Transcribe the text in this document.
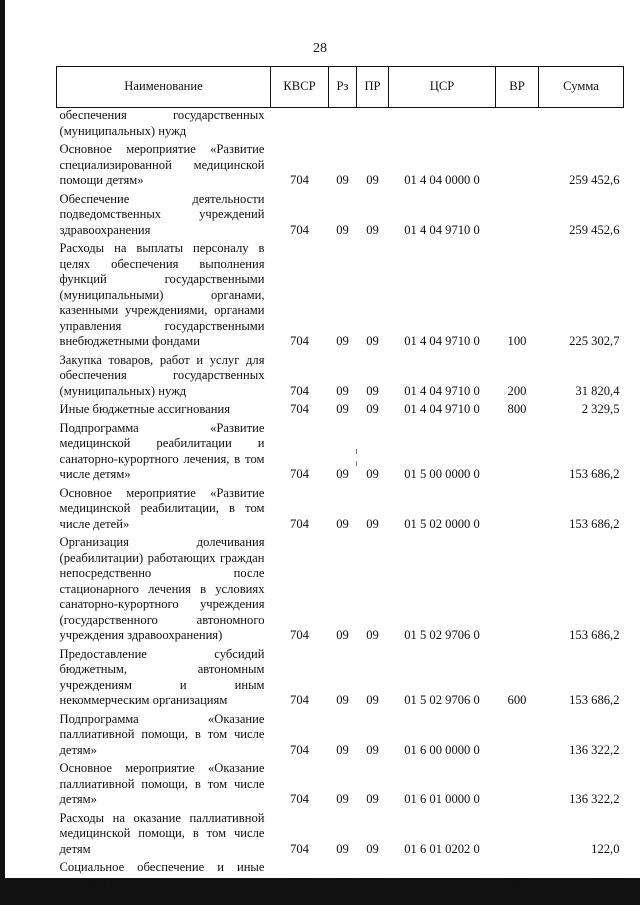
28
Наименование	КВСР	Рз	ПР	ЦСР	ВР	Сумма
обеспечения государственных (муниципальных) нужд						
Основное мероприятие «Развитие специализированной медицинской помощи детям»	704	09	09	01 4 04 0000 0		259 452,6
Обеспечение деятельности подведомственных учреждений здравоохранения	704	09	09	01 4 04 9710 0		259 452,6
Расходы на выплаты персоналу в целях обеспечения выполнения функций государственными (муниципальными) органами, казенными учреждениями, органами управления государственными внебюджетными фондами	704	09	09	01 4 04 9710 0	100	225 302,7
Закупка товаров, работ и услуг для обеспечения государственных (муниципальных) нужд	704	09	09	01 4 04 9710 0	200	31 820,4
Иные бюджетные ассигнования	704	09	09	01 4 04 9710 0	800	2 329,5
Подпрограмма «Развитие медицинской реабилитации и санаторно-курортного лечения, в том числе детям»	704	09	09	01 5 00 0000 0		153 686,2
Основное мероприятие «Развитие медицинской реабилитации, в том числе детей»	704	09	09	01 5 02 0000 0		153 686,2
Организация долечивания (реабилитации) работающих граждан непосредственно после стационарного лечения в условиях санаторно-курортного учреждения (государственного автономного учреждения здравоохранения)	704	09	09	01 5 02 9706 0		153 686,2
Предоставление субсидий бюджетным, автономным учреждениям и иным некоммерческим организациям	704	09	09	01 5 02 9706 0	600	153 686,2
Подпрограмма «Оказание паллиативной помощи, в том числе детям»	704	09	09	01 6 00 0000 0		136 322,2
Основное мероприятие «Оказание паллиативной помощи, в том числе детям»	704	09	09	01 6 01 0000 0		136 322,2
Расходы на оказание паллиативной медицинской помощи, в том числе детям	704	09	09	01 6 01 0202 0		122,0
Социальное обеспечение и иные выплаты населению	704	09	09	01 6 01 0202 0	300	122,0
